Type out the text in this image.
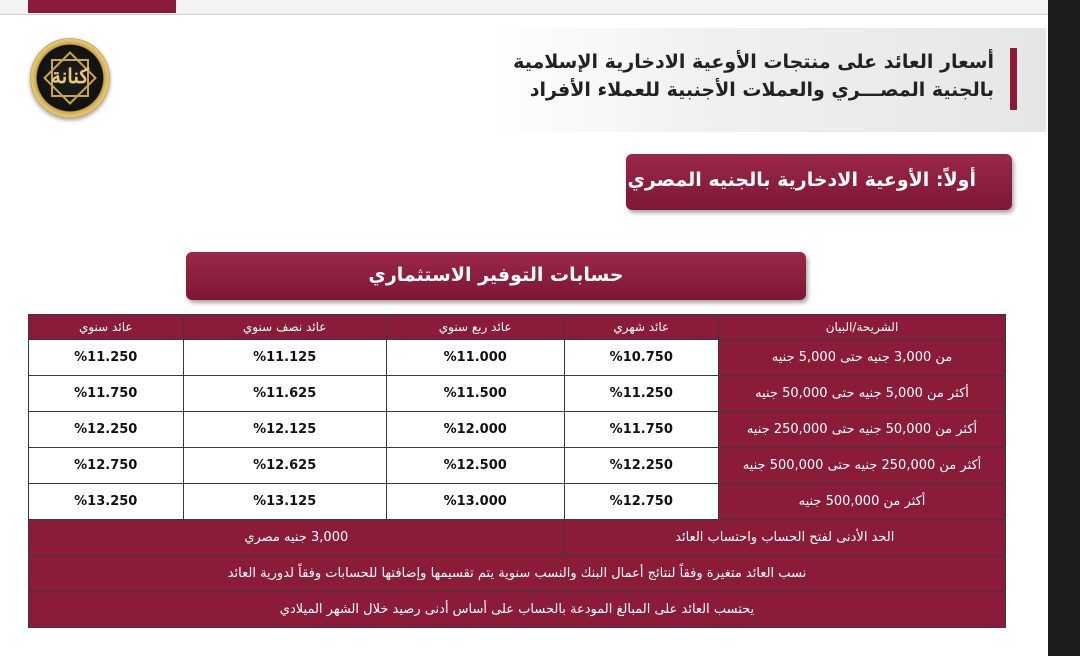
كنانة
أسعار العائد على منتجات الأوعية الادخارية الإسلامية
بالجنية المصـــري والعملات الأجنبية للعملاء الأفراد
أولاً: الأوعية الادخارية بالجنيه المصري
حسابات التوفير الاستثماري
الشريحة/البيان	عائد شهري	عائد ربع سنوي	عائد نصف سنوي	عائد سنوي
من 3,000 جنيه حتى 5,000 جنيه	%10.750	%11.000	%11.125	%11.250
أكثر من 5,000 جنيه حتى 50,000 جنيه	%11.250	%11.500	%11.625	%11.750
أكثر من 50,000 جنيه حتى 250,000 جنيه	%11.750	%12.000	%12.125	%12.250
أكثر من 250,000 جنيه حتى 500,000 جنيه	%12.250	%12.500	%12.625	%12.750
أكثر من 500,000 جنيه	%12.750	%13.000	%13.125	%13.250
الحد الأدنى لفتح الحساب واحتساب العائد		3,000 جنيه مصري		
نسب العائد متغيرة وفقاً لنتائج أعمال البنك والنسب سنوية يتم تقسيمها وإضافتها للحسابات وفقاً لدورية العائد				
يحتسب العائد على المبالغ المودعة بالحساب على أساس أدنى رصيد خلال الشهر الميلادي				
